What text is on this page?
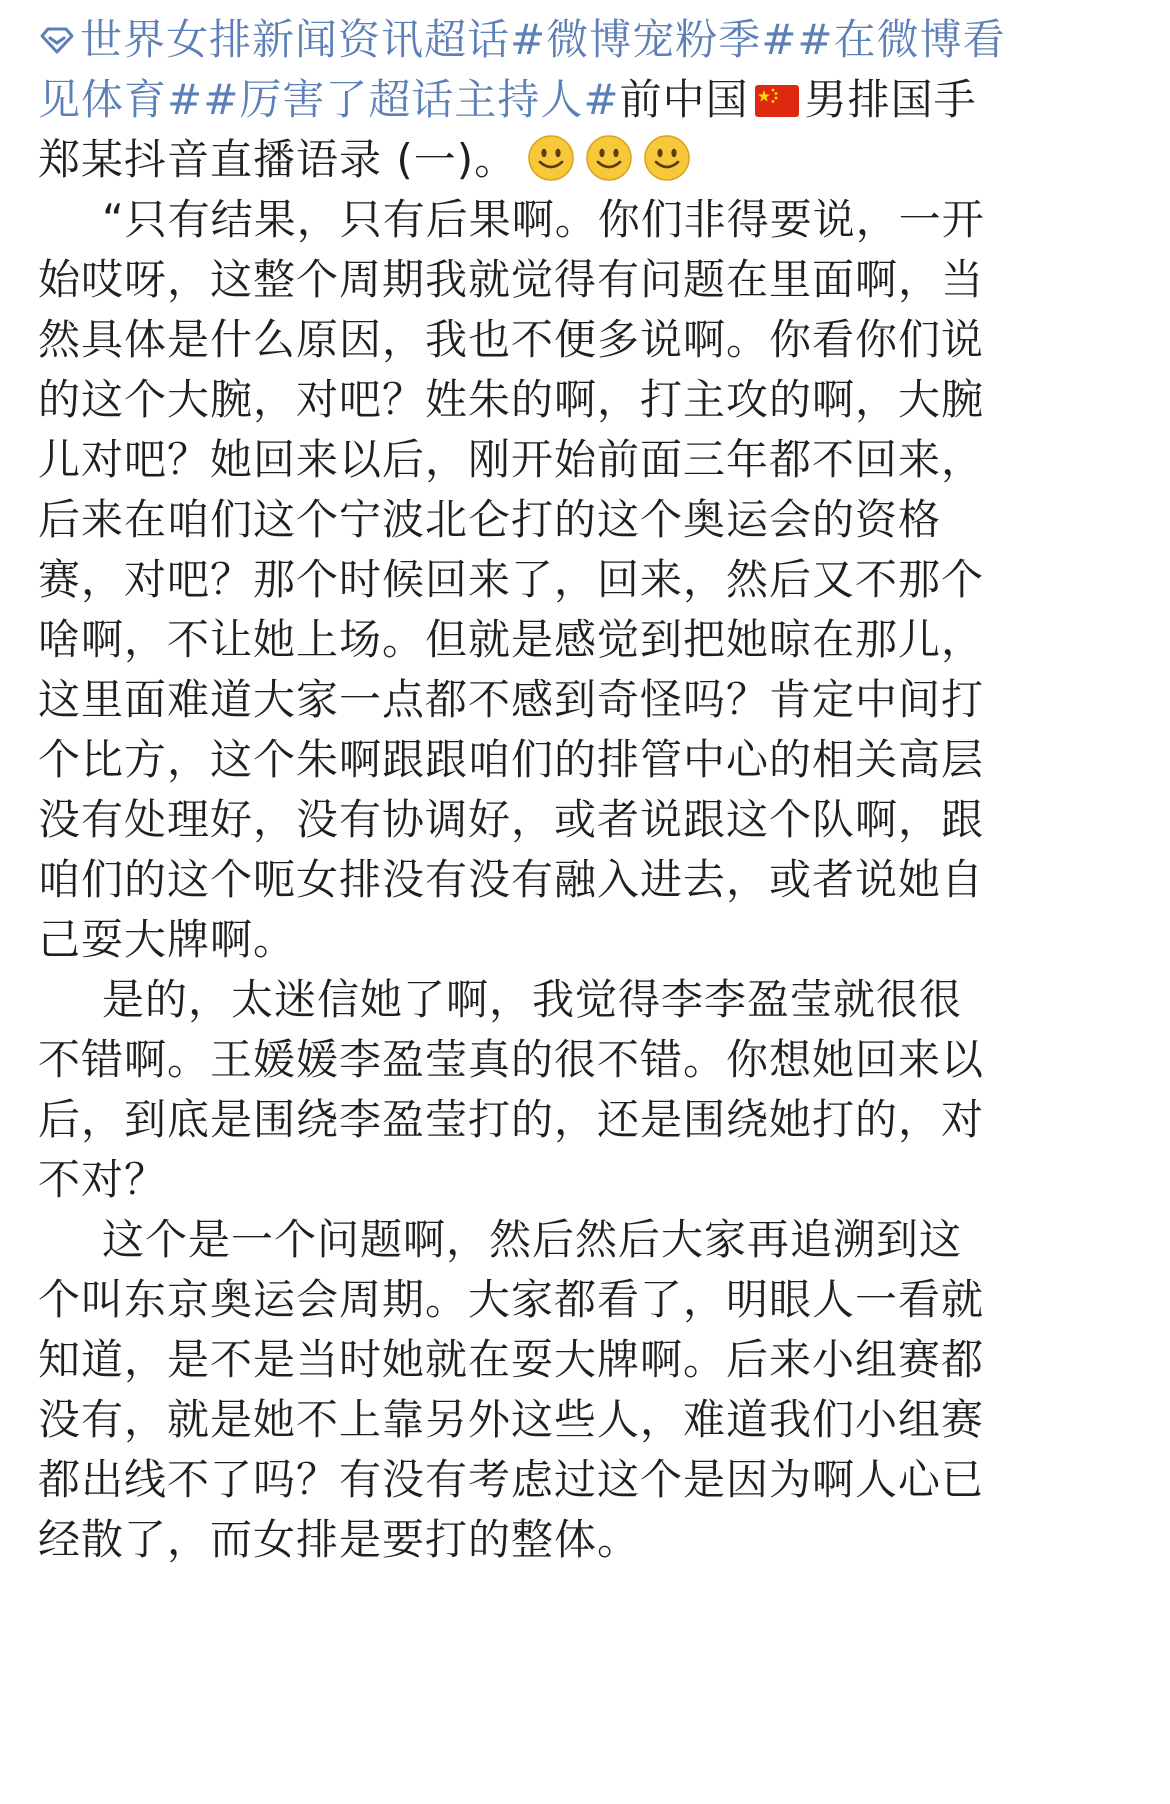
世界女排新闻资讯超话#微博宠粉季##在微博看
见体育##厉害了超话主持人#前中国 男排国手
郑某抖音直播语录 (一)。
“只有结果，只有后果啊。你们非得要说，一开
始哎呀，这整个周期我就觉得有问题在里面啊，当
然具体是什么原因，我也不便多说啊。你看你们说
的这个大腕，对吧？姓朱的啊，打主攻的啊，大腕
儿对吧？她回来以后，刚开始前面三年都不回来，
后来在咱们这个宁波北仑打的这个奥运会的资格
赛，对吧？那个时候回来了，回来，然后又不那个
啥啊，不让她上场。但就是感觉到把她晾在那儿，
这里面难道大家一点都不感到奇怪吗？肯定中间打
个比方，这个朱啊跟跟咱们的排管中心的相关高层
没有处理好，没有协调好，或者说跟这个队啊，跟
咱们的这个呃女排没有没有融入进去，或者说她自
己耍大牌啊。
是的，太迷信她了啊，我觉得李李盈莹就很很
不错啊。王媛媛李盈莹真的很不错。你想她回来以
后，到底是围绕李盈莹打的，还是围绕她打的，对
不对？
这个是一个问题啊，然后然后大家再追溯到这
个叫东京奥运会周期。大家都看了，明眼人一看就
知道，是不是当时她就在耍大牌啊。后来小组赛都
没有，就是她不上靠另外这些人，难道我们小组赛
都出线不了吗？有没有考虑过这个是因为啊人心已
经散了，而女排是要打的整体。
